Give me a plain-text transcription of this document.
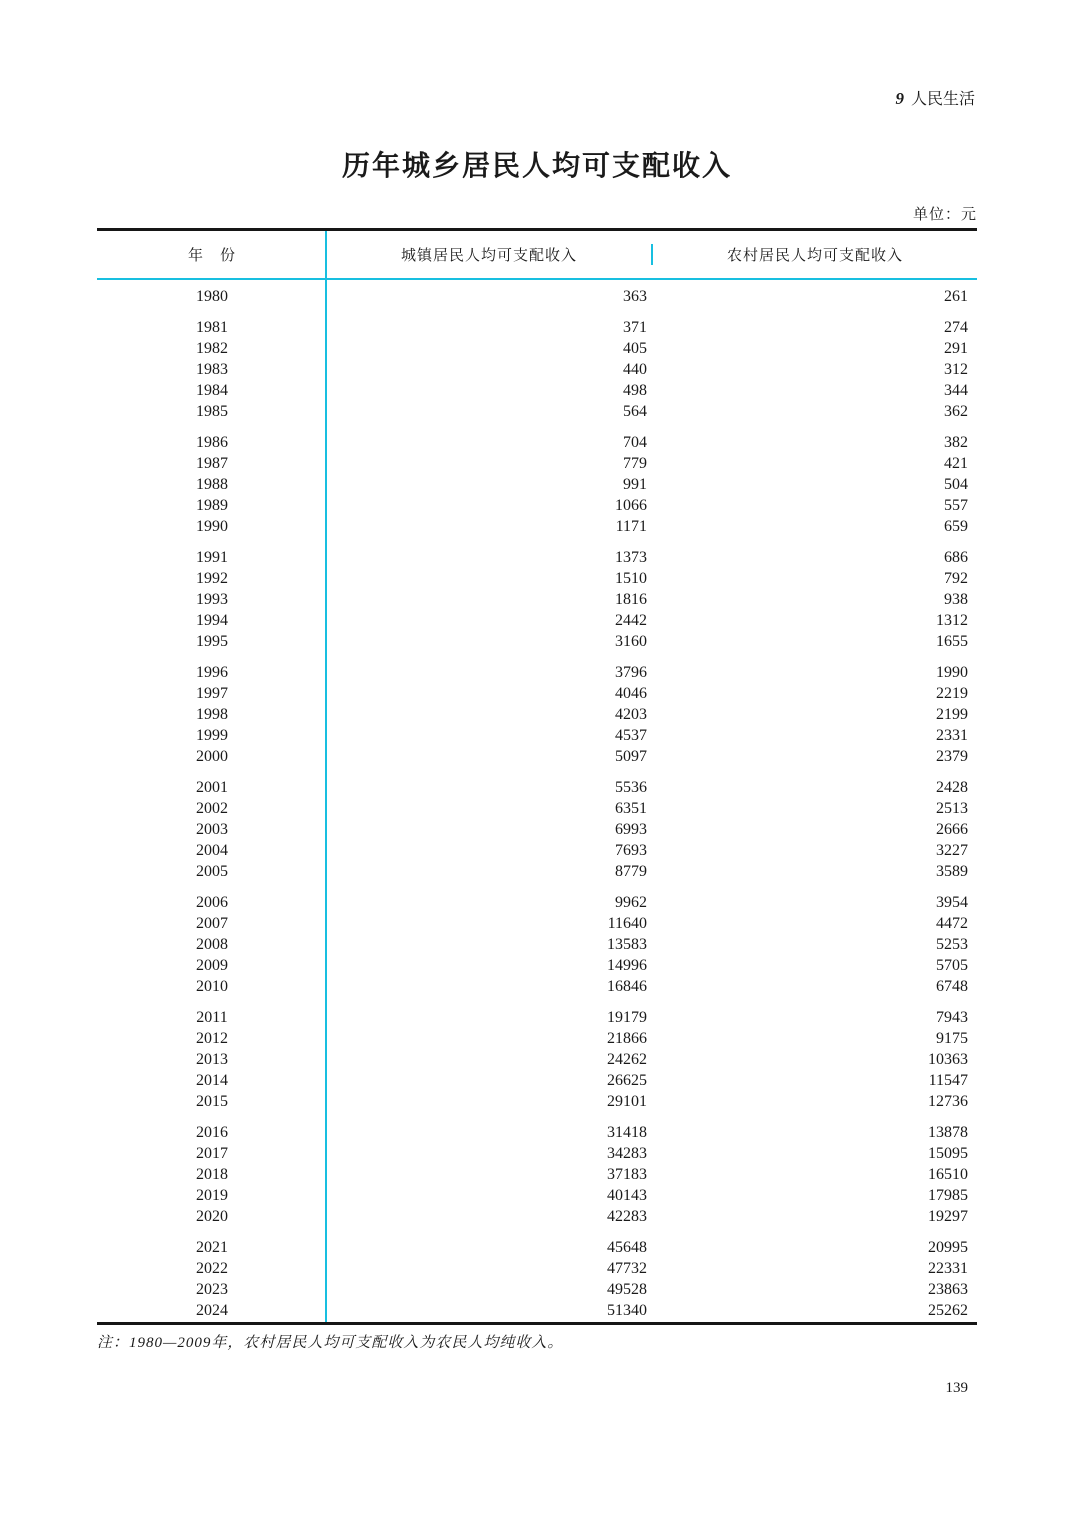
9 人民生活
历年城乡居民人均可支配收入
单位：元
年　份	城镇居民人均可支配收入	农村居民人均可支配收入
1980	363	261
1981	371	274
1982	405	291
1983	440	312
1984	498	344
1985	564	362
1986	704	382
1987	779	421
1988	991	504
1989	1066	557
1990	1171	659
1991	1373	686
1992	1510	792
1993	1816	938
1994	2442	1312
1995	3160	1655
1996	3796	1990
1997	4046	2219
1998	4203	2199
1999	4537	2331
2000	5097	2379
2001	5536	2428
2002	6351	2513
2003	6993	2666
2004	7693	3227
2005	8779	3589
2006	9962	3954
2007	11640	4472
2008	13583	5253
2009	14996	5705
2010	16846	6748
2011	19179	7943
2012	21866	9175
2013	24262	10363
2014	26625	11547
2015	29101	12736
2016	31418	13878
2017	34283	15095
2018	37183	16510
2019	40143	17985
2020	42283	19297
2021	45648	20995
2022	47732	22331
2023	49528	23863
2024	51340	25262
注：1980—2009年，农村居民人均可支配收入为农民人均纯收入。
139
